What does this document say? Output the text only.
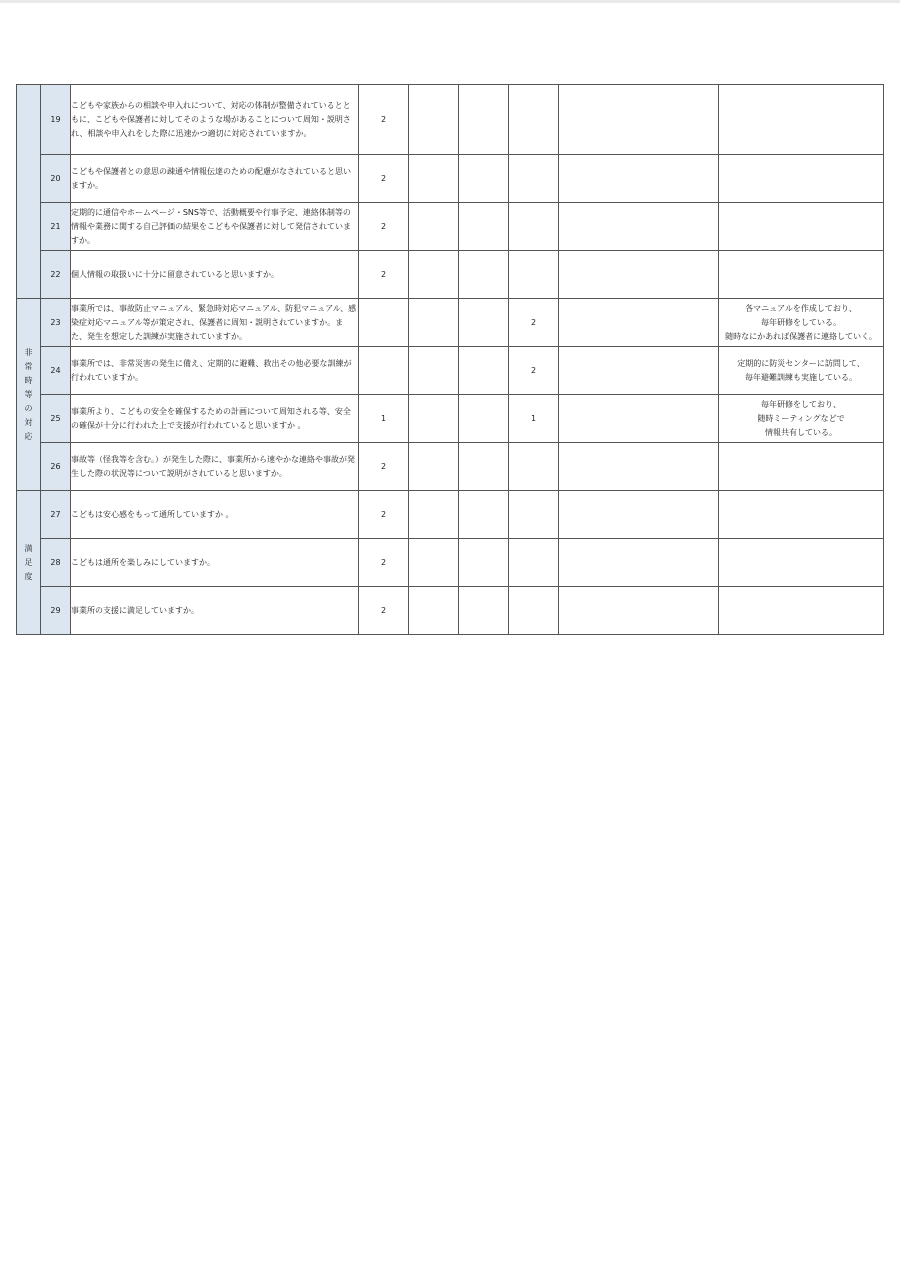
	19	こどもや家族からの相談や申入れについて、対応の体制が整備されているとともに、こどもや保護者に対してそのような場があることについて周知・説明され、相談や申入れをした際に迅速かつ適切に対応されていますか。	2					
	20	こどもや保護者との意思の疎通や情報伝達のための配慮がなされていると思いますか。	2					
	21	定期的に通信やホームページ・SNS等で、活動概要や行事予定、連絡体制等の情報や業務に関する自己評価の結果をこどもや保護者に対して発信されていますか。	2					
	22	個人情報の取扱いに十分に留意されていると思いますか。	2					
非常時等の対応	23	事業所では、事故防止マニュアル、緊急時対応マニュアル、防犯マニュアル、感染症対応マニュアル等が策定され、保護者に周知・説明されていますか。また、発生を想定した訓練が実施されていますか。				2		各マニュアルを作成しており、
毎年研修をしている。
随時なにかあれば保護者に連絡していく。

	24	事業所では、非常災害の発生に備え、定期的に避難、救出その他必要な訓練が行われていますか。				2		定期的に防災センターに訪問して、
毎年避難訓練も実施している。

	25	事業所より、こどもの安全を確保するための計画について周知される等、安全の確保が十分に行われた上で支援が行われていると思いますか 。	1			1		毎年研修をしており、
随時ミーティングなどで
情報共有している。

	26	事故等（怪我等を含む。）が発生した際に、事業所から速やかな連絡や事故が発生した際の状況等について説明がされていると思いますか。	2					
満足度	27	こどもは安心感をもって通所していますか 。	2					
	28	こどもは通所を楽しみにしていますか。	2					
	29	事業所の支援に満足していますか。	2					
